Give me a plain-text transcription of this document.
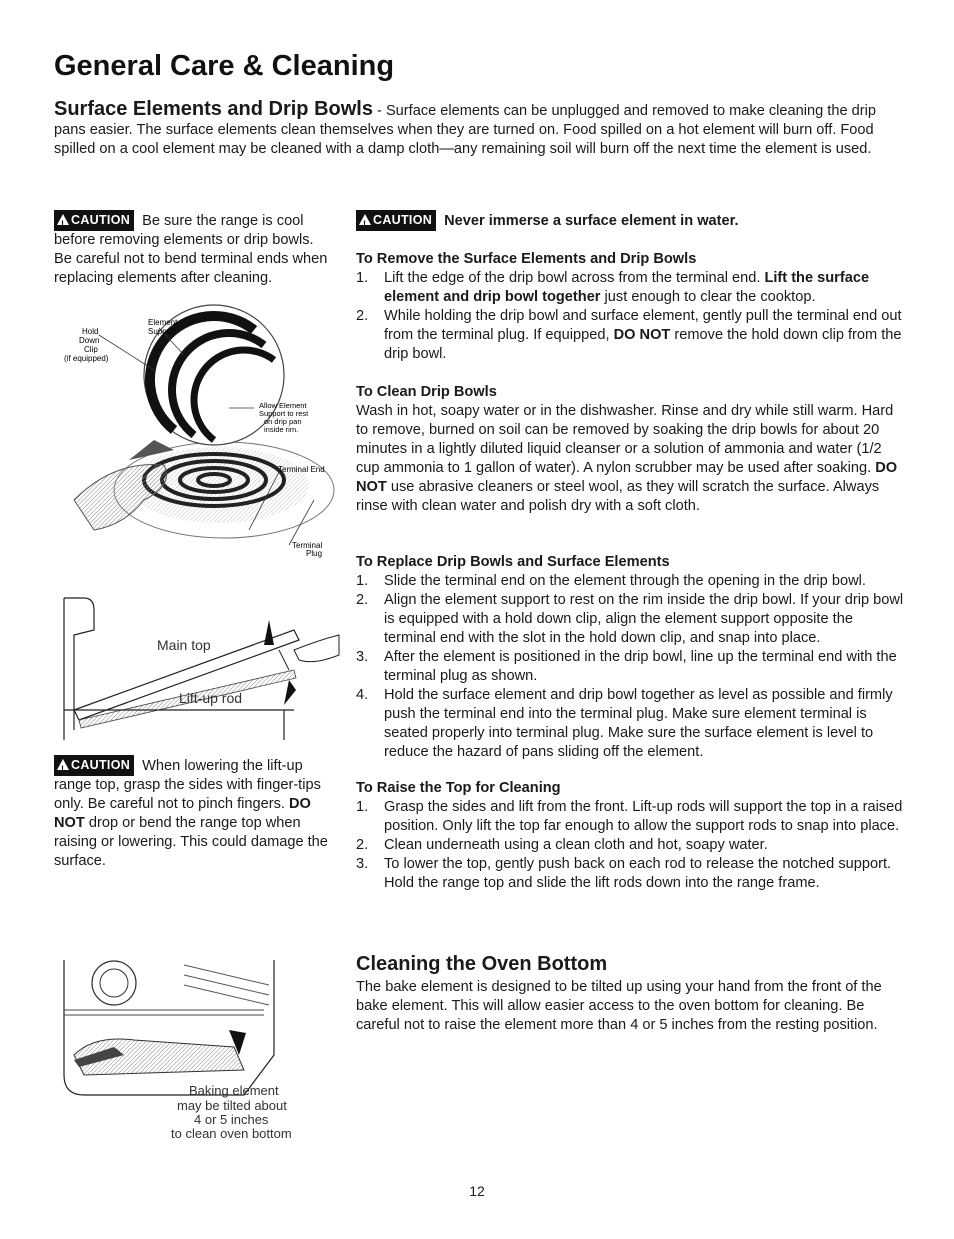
General Care & Cleaning
Surface Elements and Drip Bowls - Surface elements can be unplugged and removed to make cleaning the drip pans easier. The surface elements clean themselves when they are turned on. Food spilled on a hot element will burn off. Food spilled on a cool element may be cleaned with a damp cloth—any remaining soil will burn off the next time the element is used.
!CAUTION Be sure the range is cool before removing elements or drip bowls. Be careful not to bend terminal ends when replacing elements after cleaning.
Hold
Down
Clip
(if equipped)
Element
Support
Allow Element
Support to rest
on drip pan
inside rim.
Terminal End
Terminal
Plug
Main top
Lift-up rod
!CAUTION When lowering the lift-up range top, grasp the sides with finger-tips only. Be careful not to pinch fingers. DO NOT drop or bend the range top when raising or lowering. This could damage the surface.
Baking element
may be tilted about
4 or 5 inches
to clean oven bottom
!CAUTION Never immerse a surface element in water.

To Remove the Surface Elements and Drip Bowls

1. Lift the edge of the drip bowl across from the terminal end. Lift the surface element and drip bowl together just enough to clear the cooktop.
2. While holding the drip bowl and surface element, gently pull the terminal end out from the terminal plug. If equipped, DO NOT remove the hold down clip from the drip bowl.

To Clean Drip Bowls

Wash in hot, soapy water or in the dishwasher. Rinse and dry while still warm. Hard to remove, burned on soil can be removed by soaking the drip bowls for about 20 minutes in a lightly diluted liquid cleanser or a solution of ammonia and water (1/2 cup ammonia to 1 gallon of water). A nylon scrubber may be used after soaking. DO NOT use abrasive cleaners or steel wool, as they will scratch the surface. Always rinse with clean water and polish dry with a soft cloth.

To Replace Drip Bowls and Surface Elements

1. Slide the terminal end on the element through the opening in the drip bowl.
2. Align the element support to rest on the rim inside the drip bowl. If your drip bowl is equipped with a hold down clip, align the element support opposite the terminal end with the slot in the hold down clip, and snap into place.
3. After the element is positioned in the drip bowl, line up the terminal end with the terminal plug as shown.
4. Hold the surface element and drip bowl together as level as possible and firmly push the terminal end into the terminal plug. Make sure element terminal is seated properly into terminal plug. Make sure the surface element is level to reduce the hazard of pans sliding off the element.

To Raise the Top for Cleaning

1. Grasp the sides and lift from the front. Lift-up rods will support the top in a raised position. Only lift the top far enough to allow the support rods to snap into place.
2. Clean underneath using a clean cloth and hot, soapy water.
3. To lower the top, gently push back on each rod to release the notched support. Hold the range top and slide the lift rods down into the range frame.
Cleaning the Oven Bottom
The bake element is designed to be tilted up using your hand from the front of the bake element. This will allow easier access to the oven bottom for cleaning. Be careful not to raise the element more than 4 or 5 inches from the resting position.
12
